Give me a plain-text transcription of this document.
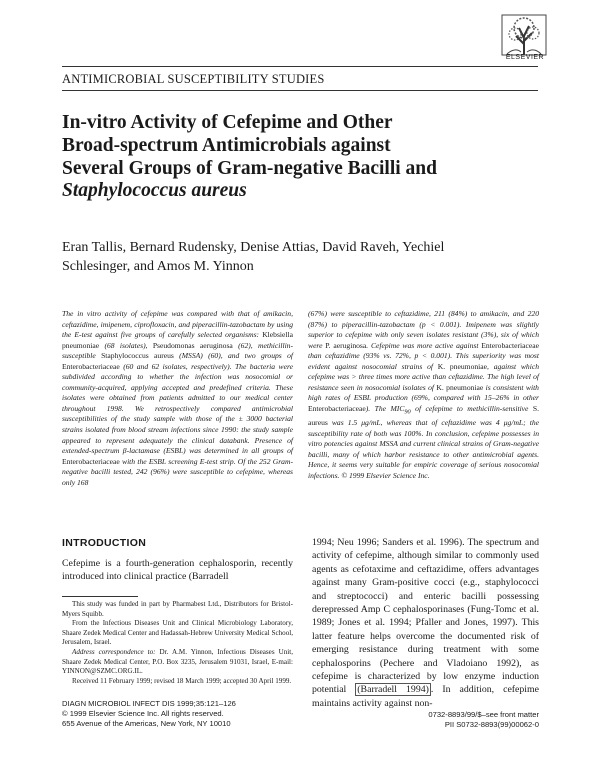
ELSEVIER
ANTIMICROBIAL SUSCEPTIBILITY STUDIES
In-vitro Activity of Cefepime and Other Broad-spectrum Antimicrobials against Several Groups of Gram-negative Bacilli and Staphylococcus aureus
Eran Tallis, Bernard Rudensky, Denise Attias, David Raveh, Yechiel Schlesinger, and Amos M. Yinnon
The in vitro activity of cefepime was compared with that of amikacin, ceftazidime, imipenem, ciprofloxacin, and piperacillin-tazobactam by using the E-test against five groups of carefully selected organisms: Klebsiella pneumoniae (68 isolates), Pseudomonas aeruginosa (62), methicillin-susceptible Staphylococcus aureus (MSSA) (60), and two groups of Enterobacteriaceae (60 and 62 isolates, respectively). The bacteria were subdivided according to whether the infection was nosocomial or community-acquired, applying accepted and predefined criteria. These isolates were obtained from patients admitted to our medical center throughout 1998. We retrospectively compared antimicrobial susceptibilities of the study sample with those of the ± 3000 bacterial strains isolated from blood stream infections since 1990: the study sample appeared to represent adequately the clinical databank. Presence of extended-spectrum β-lactamase (ESBL) was determined in all groups of Enterobacteriaceae with the ESBL screening E-test strip. Of the 252 Gram-negative bacilli tested, 242 (96%) were susceptible to cefepime, whereas only 168
(67%) were susceptible to ceftazidime, 211 (84%) to amikacin, and 220 (87%) to piperacillin-tazobactam (p < 0.001). Imipenem was slightly superior to cefepime with only seven isolates resistant (3%), six of which were P. aeruginosa. Cefepime was more active against Enterobacteriaceae than ceftazidime (93% vs. 72%, p < 0.001). This superiority was most evident against nosocomial strains of K. pneumoniae, against which cefepime was > three times more active than ceftazidime. The high level of resistance seen in nosocomial isolates of K. pneumoniae is consistent with high rates of ESBL production (69%, compared with 15–26% in other Enterobacteriaceae). The $MIC_{90}$ of cefepime to methicillin-sensitive S. aureus was 1.5 μg/mL, whereas that of ceftazidime was 4 μg/mL; the susceptibility rate of both was 100%. In conclusion, cefepime possesses in vitro potencies against MSSA and current clinical strains of Gram-negative bacilli, many of which harbor resistance to other antimicrobial agents. Hence, it seems very suitable for empiric coverage of serious nosocomial infections. © 1999 Elsevier Science Inc.
INTRODUCTION
Cefepime is a fourth-generation cephalosporin, recently introduced into clinical practice (Barradell
1994; Neu 1996; Sanders et al. 1996). The spectrum and activity of cefepime, although similar to commonly used agents as cefotaxime and ceftazidime, offers advantages against many Gram-positive cocci (e.g., staphylococci and streptococci) and enteric bacilli possessing derepressed Amp C cephalosporinases (Fung-Tomc et al. 1989; Jones et al. 1994; Pfaller and Jones, 1997). This latter feature helps overcome the documented risk of emerging resistance during treatment with some cephalosporins (Pechere and Vladoiano 1992), as cefepime is characterized by low enzyme induction potential (Barradell 1994) . In addition, cefepime maintains activity against non-

This study was funded in part by Pharmabest Ltd., Distributors for Bristol-Myers Squibb.

From the Infectious Diseases Unit and Clinical Microbiology Laboratory, Shaare Zedek Medical Center and Hadassah-Hebrew University Medical School, Jerusalem, Israel.

Address correspondence to: Dr. A.M. Yinnon, Infectious Diseases Unit, Shaare Zedek Medical Center, P.O. Box 3235, Jerusalem 91031, Israel, E-mail: YINNON@SZMC.ORG.IL.

Received 11 February 1999; revised 18 March 1999; accepted 30 April 1999.

DIAGN MICROBIOL INFECT DIS 1999;35:121–126
© 1999 Elsevier Science Inc. All rights reserved.
655 Avenue of the Americas, New York, NY 10010
0732-8893/99/$–see front matter
PII S0732-8893(99)00062-0
